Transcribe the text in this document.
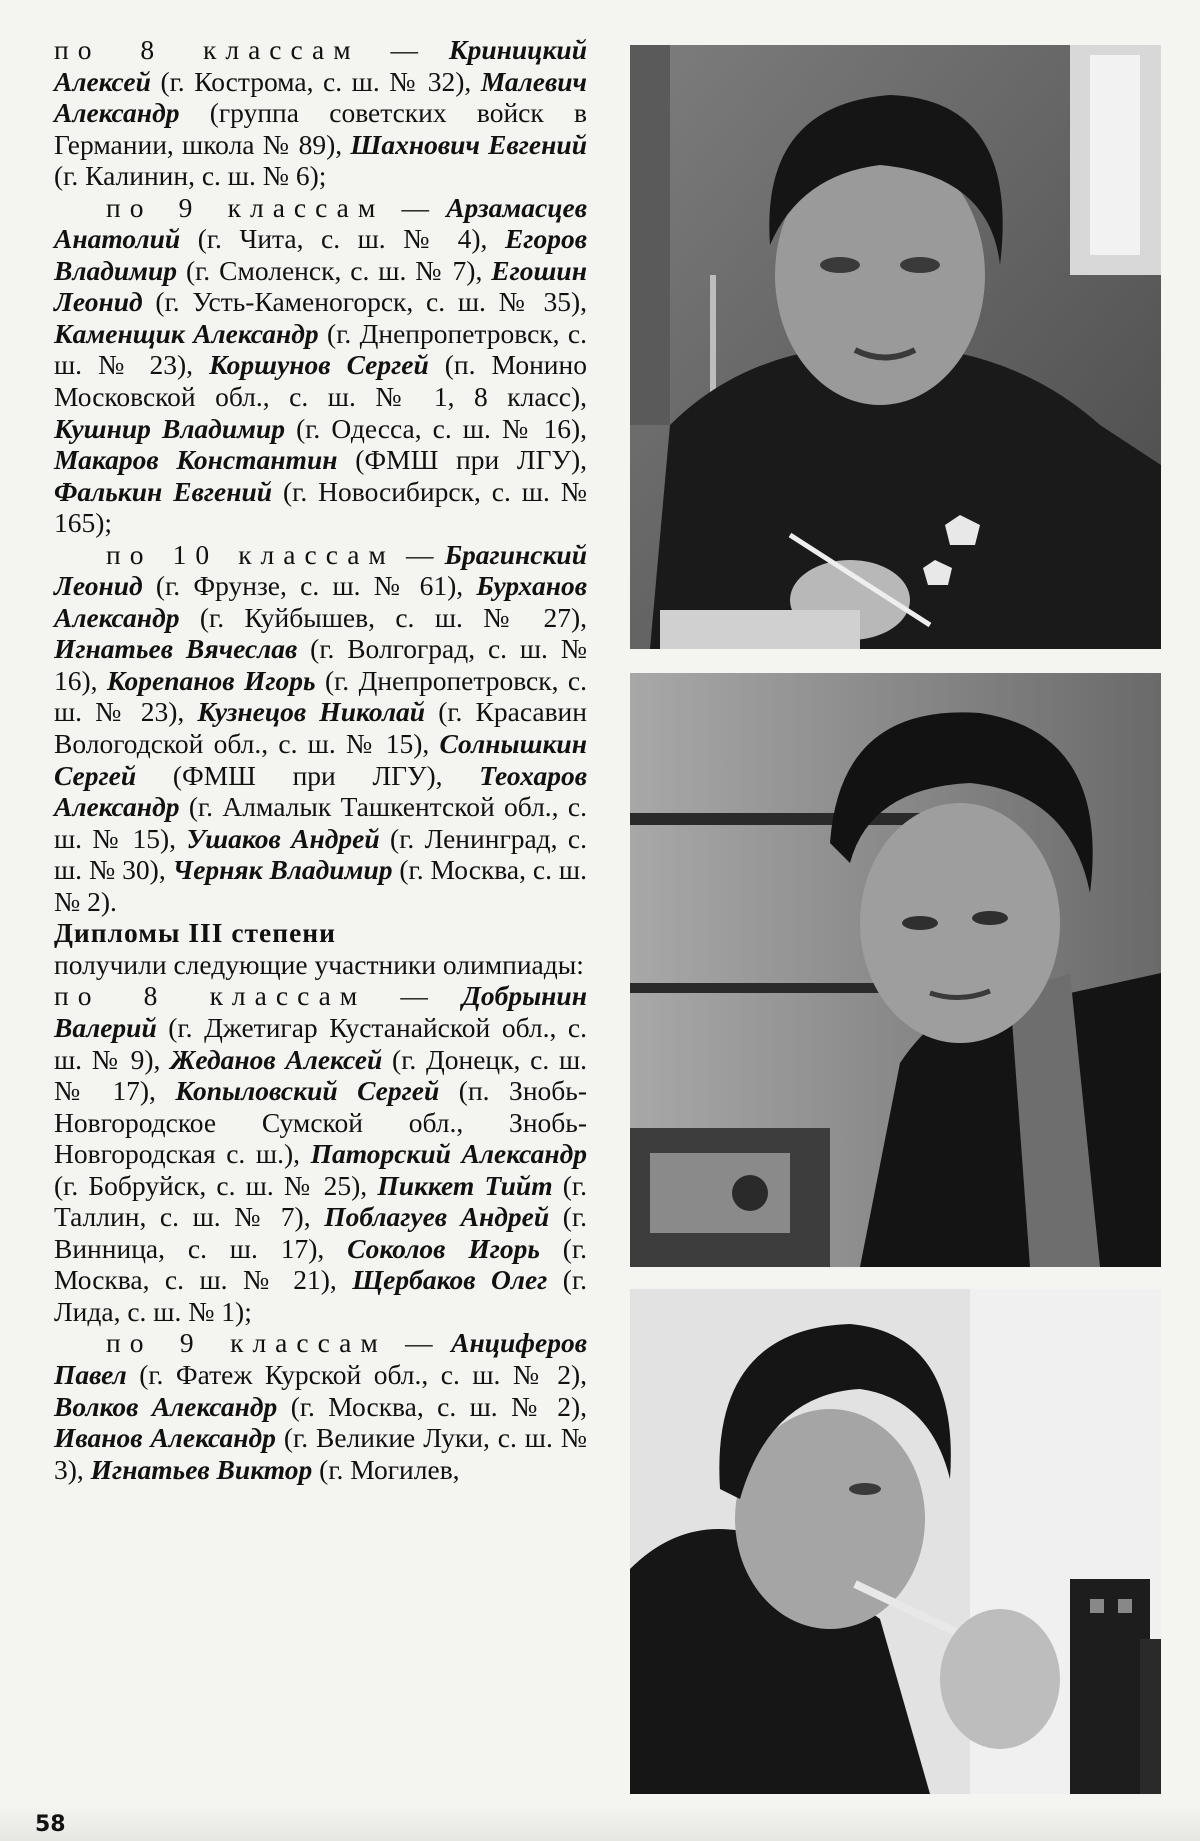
по 8 классам — Криницкий Алексей (г. Кострома, с. ш. № 32), Малевич Александр (группа советских войск в Германии, школа № 89), Шахнович Евгений (г. Калинин, с. ш. № 6);

по 9 классам — Арзамасцев Анатолий (г. Чита, с. ш. № 4), Егоров Владимир (г. Смоленск, с. ш. № 7), Егошин Леонид (г. Усть-Каменогорск, с. ш. № 35), Каменщик Александр (г. Днепропетровск, с. ш. № 23), Коршунов Сергей (п. Монино Московской обл., с. ш. № 1, 8 класс), Кушнир Владимир (г. Одесса, с. ш. № 16), Макаров Константин (ФМШ при ЛГУ), Фалькин Евгений (г. Новосибирск, с. ш. № 165);

по 10 классам — Брагинский Леонид (г. Фрунзе, с. ш. № 61), Бурханов Александр (г. Куйбышев, с. ш. № 27), Игнатьев Вячеслав (г. Волгоград, с. ш. № 16), Корепанов Игорь (г. Днепропетровск, с. ш. № 23), Кузнецов Николай (г. Красавин Вологодской обл., с. ш. № 15), Солнышкин Сергей (ФМШ при ЛГУ), Теохаров Александр (г. Алмалык Ташкентской обл., с. ш. № 15), Ушаков Андрей (г. Ленинград, с. ш. № 30), Черняк Владимир (г. Москва, с. ш. № 2).

Дипломы III степени

получили следующие участники олимпиады:

по 8 классам — Добрынин Валерий (г. Джетигар Кустанайской обл., с. ш. № 9), Жеданов Алексей (г. Донецк, с. ш. № 17), Копыловский Сергей (п. Знобь-Новгородское Сумской обл., Знобь-Новгородская с. ш.), Паторский Александр (г. Бобруйск, с. ш. № 25), Пиккет Тийт (г. Таллин, с. ш. № 7), Поблагуев Андрей (г. Винница, с. ш. 17), Соколов Игорь (г. Москва, с. ш. № 21), Щербаков Олег (г. Лида, с. ш. № 1);

по 9 классам — Анциферов Павел (г. Фатеж Курской обл., с. ш. № 2), Волков Александр (г. Москва, с. ш. № 2), Иванов Александр (г. Великие Луки, с. ш. № 3), Игнатьев Виктор (г. Могилев,

58
